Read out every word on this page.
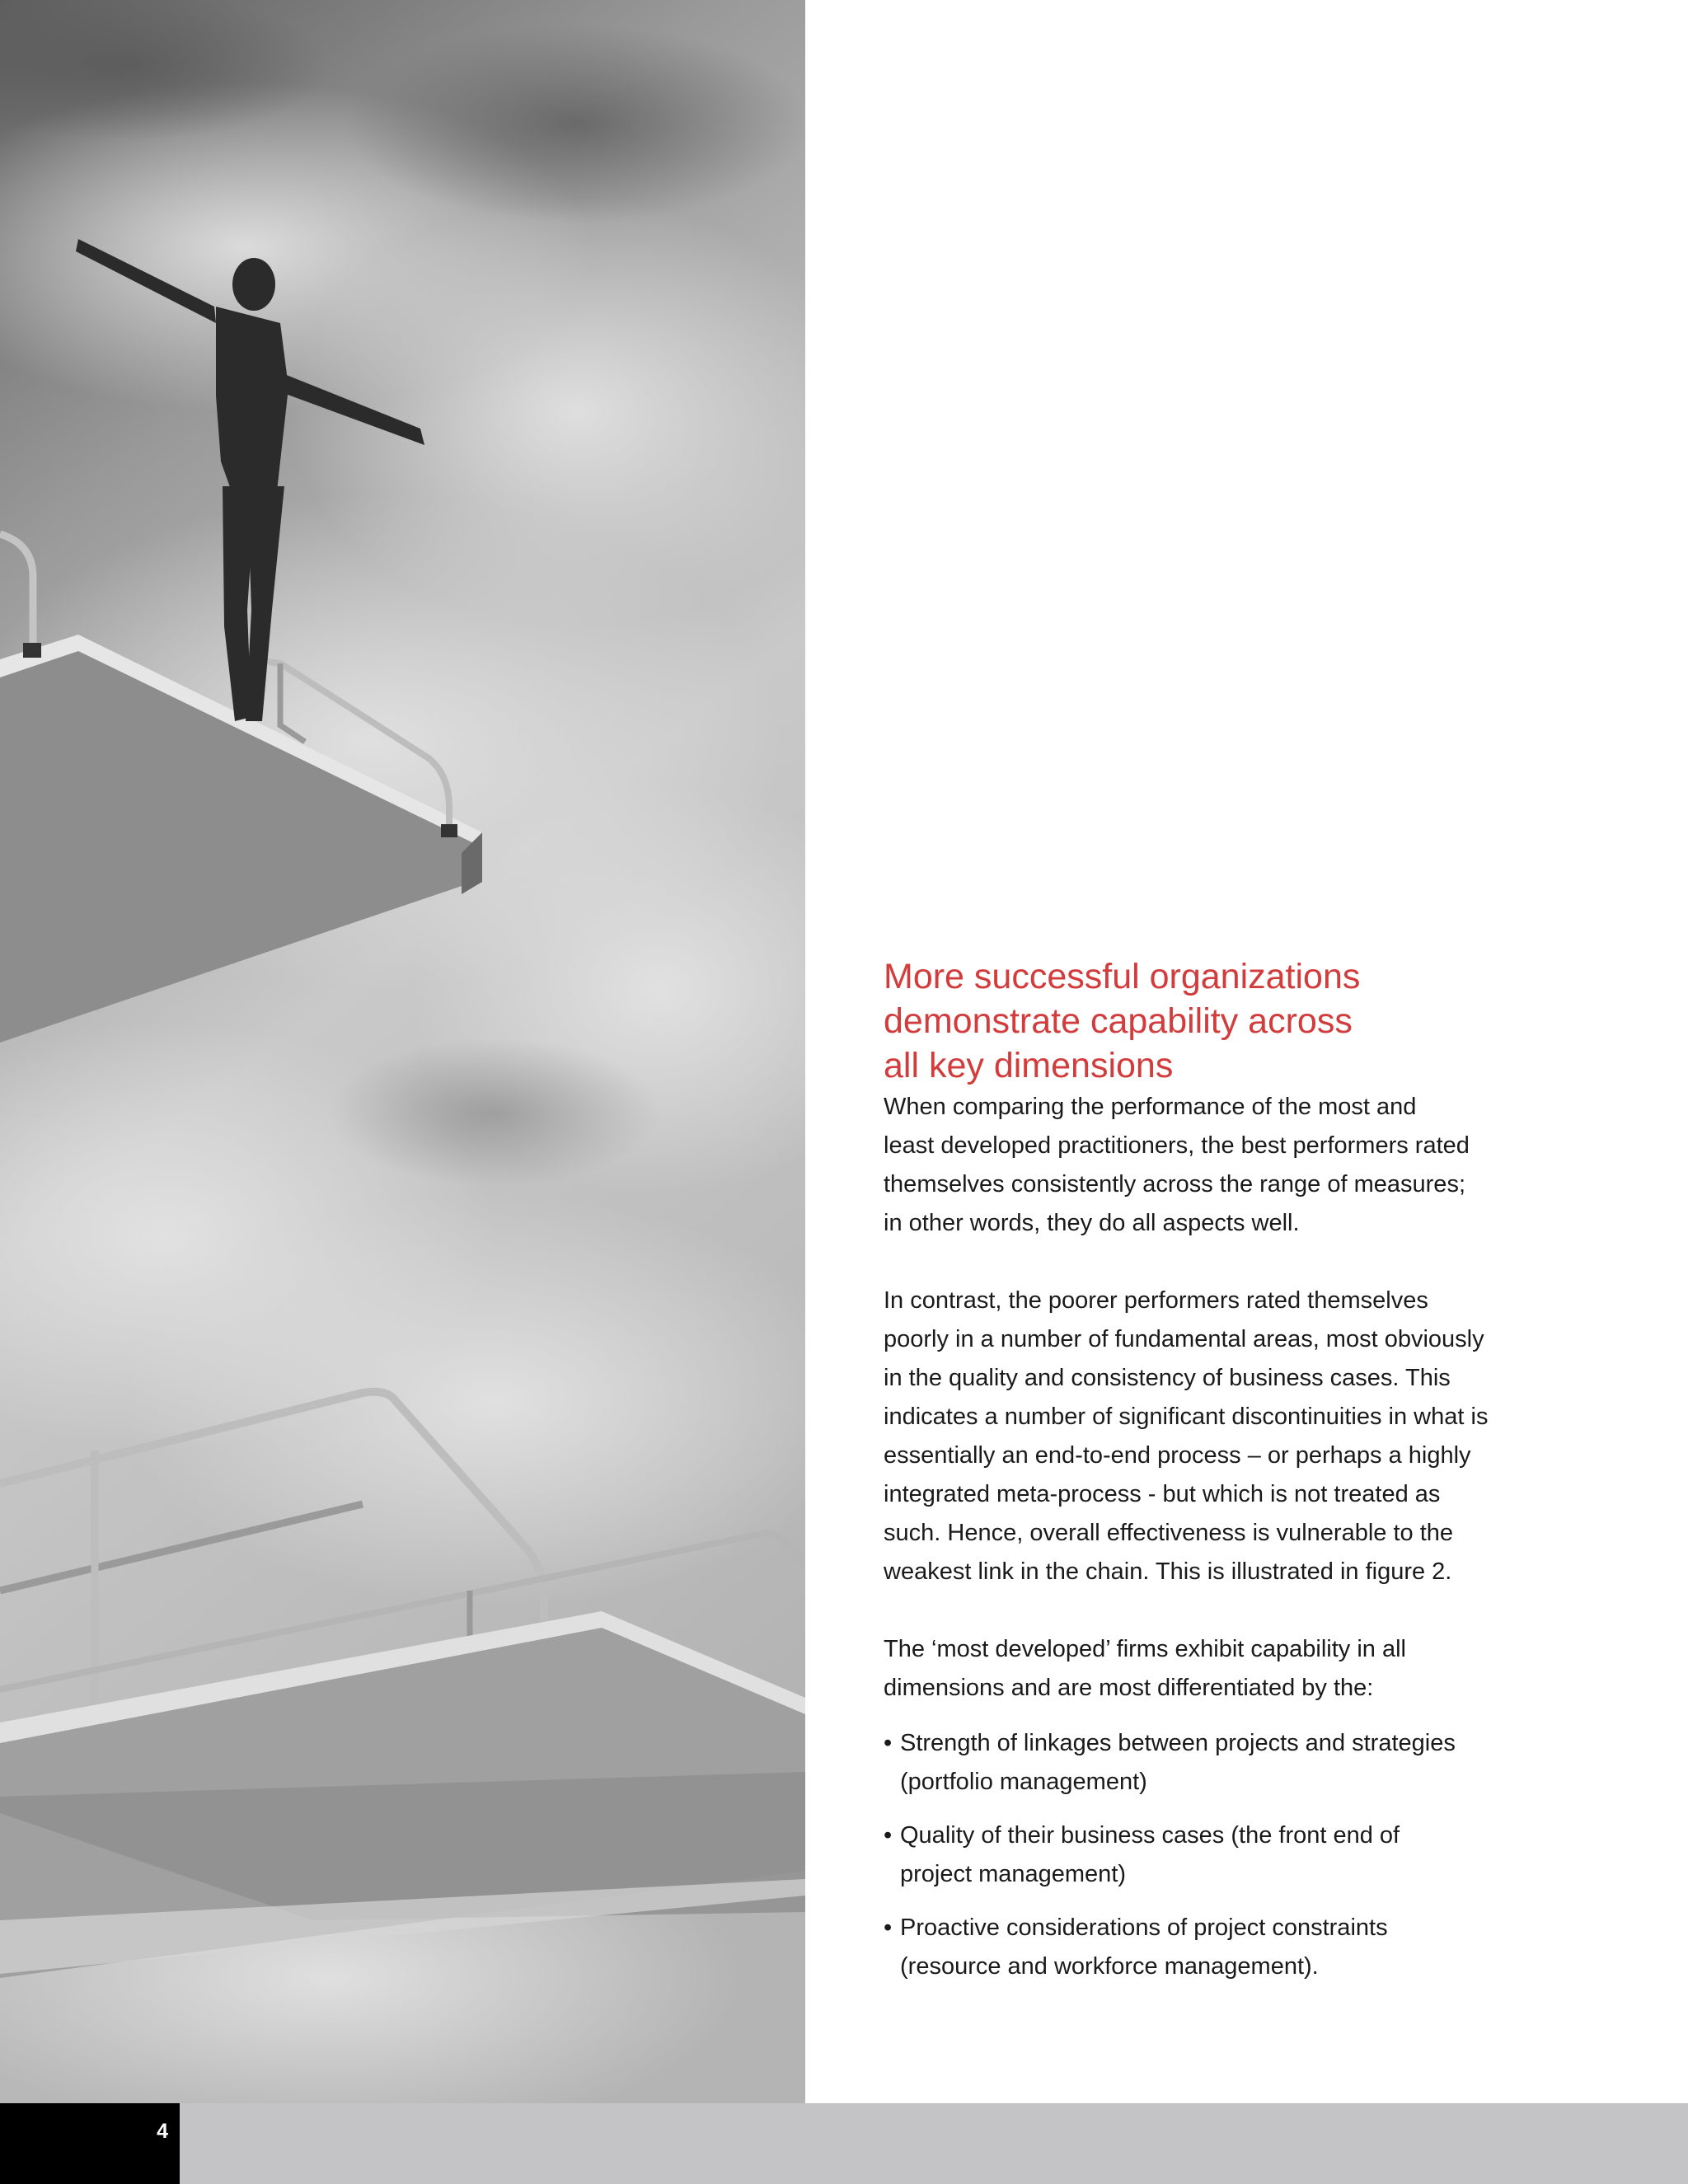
More successful organizations
demonstrate capability across
all key dimensions

When comparing the performance of the most and
least developed practitioners, the best performers rated
themselves consistently across the range of measures;
in other words, they do all aspects well.

In contrast, the poorer performers rated themselves
poorly in a number of fundamental areas, most obviously
in the quality and consistency of business cases. This
indicates a number of significant discontinuities in what is
essentially an end-to-end process – or perhaps a highly
integrated meta-process - but which is not treated as
such. Hence, overall effectiveness is vulnerable to the
weakest link in the chain. This is illustrated in figure 2.

The ‘most developed’ firms exhibit capability in all
dimensions and are most differentiated by the:

• Strength of linkages between projects and strategies
(portfolio management)
• Quality of their business cases (the front end of
project management)
• Proactive considerations of project constraints
(resource and workforce management).
4
